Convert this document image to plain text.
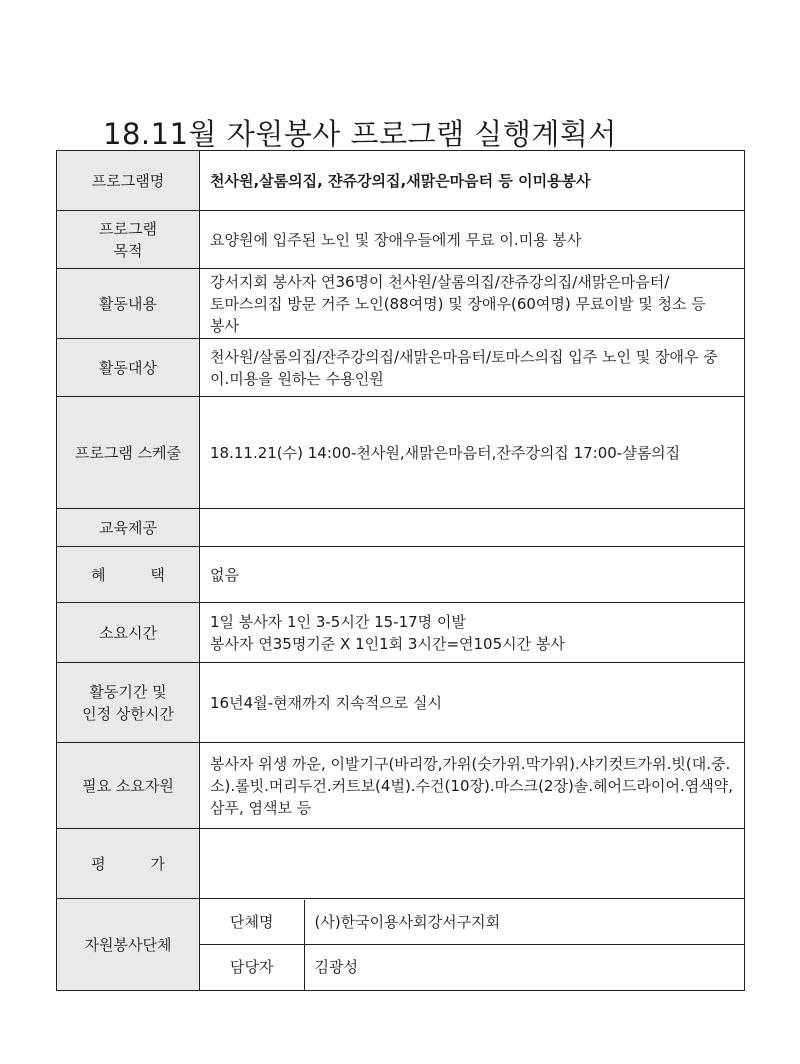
18.11월 자원봉사 프로그램 실행계획서
프로그램명	천사원,살롬의집, 쟌쥬강의집,새맑은마음터 등 이미용봉사

프로그램
목적
	요양원에 입주된 노인 및 장애우들에게 무료 이.미용 봉사
활동내용	강서지회 봉사자 연36명이 천사원/살롬의집/쟌쥬강의집/새맑은마음터/토마스의집 방문 거주 노인(88여명) 및 장애우(60여명) 무료이발 및 청소 등 봉사
활동대상	천사원/살롬의집/잔주강의집/새맑은마음터/토마스의집 입주 노인 및 장애우 중 이.미용을 원하는 수용인원
프로그램 스케줄	18.11.21(수) 14:00-천사원,새맑은마음터,잔주강의집 17:00-샬롬의집
교육제공	
혜 택	없음
소요시간	
1일 봉사자 1인 3-5시간 15-17명 이발
봉사자 연35명기준 X 1인1회 3시간=연105시간 봉사

활동기간 및
인정 상한시간
	16년4월-현재까지 지속적으로 실시
필요 소요자원	봉사자 위생 까운, 이발기구(바리깡,가위(숫가위.막가위).샤기컷트가위.빗(대.중.소).롤빗.머리두건.커트보(4벌).수건(10장).마스크(2장)솔.헤어드라이어.염색약, 삼푸, 염색보 등
평 가	
자원봉사단체	
단체명	(사)한국이용사회강서구지회
담당자	김광성
